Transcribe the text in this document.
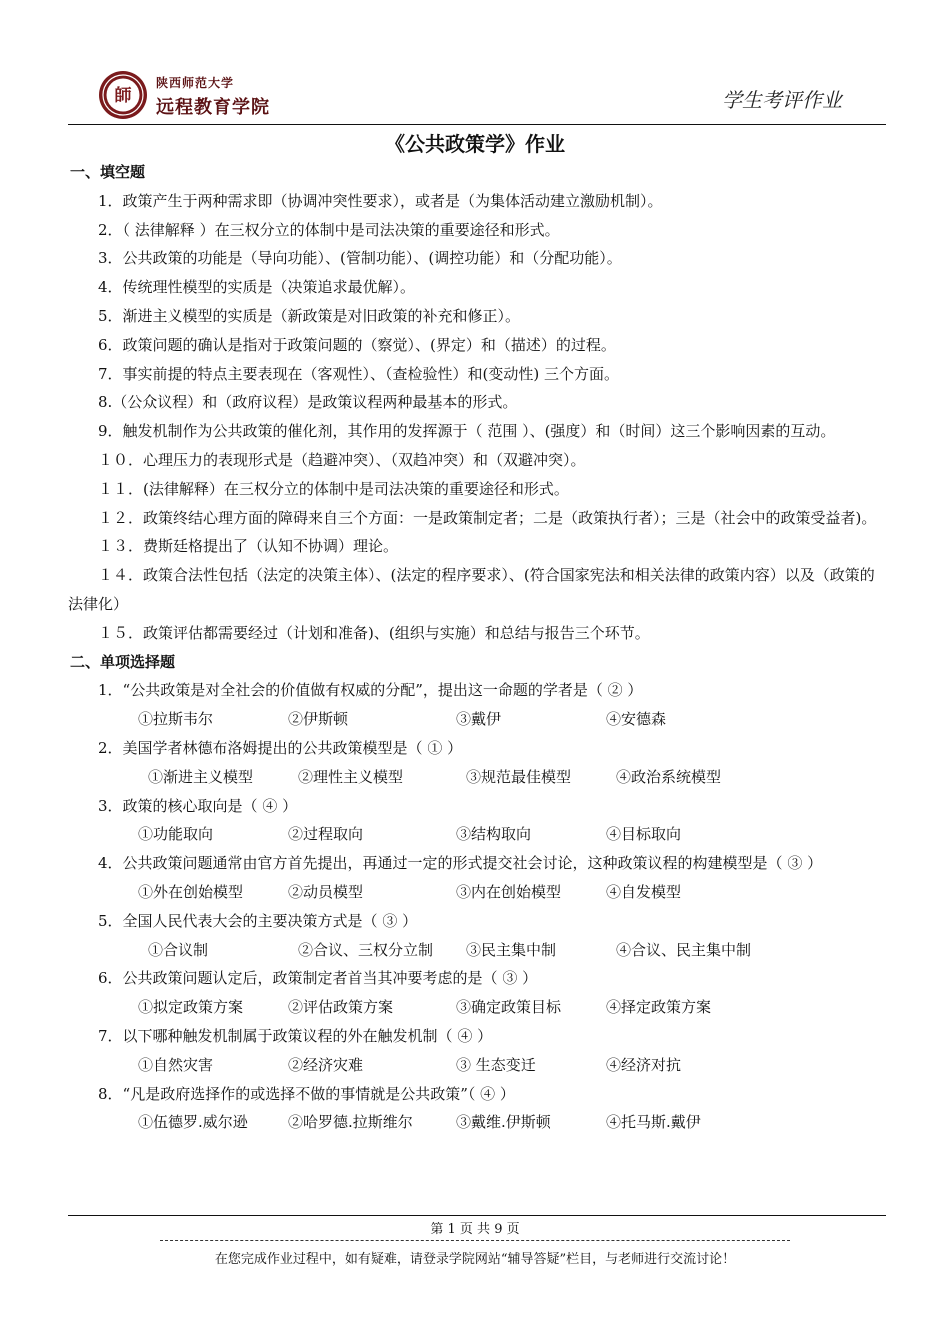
師
陕西师范大学
远程教育学院	学生考评作业
《公共政策学》作业
一、填空题
1．政策产生于两种需求即（协调冲突性要求），或者是（为集体活动建立激励机制）。
2．（ 法律解释 ）在三权分立的体制中是司法决策的重要途径和形式。
3．公共政策的功能是（导向功能）、(管制功能）、(调控功能）和（分配功能）。
4．传统理性模型的实质是（决策追求最优解）。
5．渐进主义模型的实质是（新政策是对旧政策的补充和修正）。
6．政策问题的确认是指对于政策问题的（察觉）、(界定）和（描述）的过程。
7．事实前提的特点主要表现在（客观性）、（查检验性）和(变动性) 三个方面。
8.（公众议程）和（政府议程）是政策议程两种最基本的形式。
9．触发机制作为公共政策的催化剂，其作用的发挥源于（ 范围 ）、(强度）和（时间）这三个影响因素的互动。
１０．心理压力的表现形式是（趋避冲突）、（双趋冲突）和（双避冲突）。
１１．(法律解释）在三权分立的体制中是司法决策的重要途径和形式。
１２．政策终结心理方面的障碍来自三个方面：一是政策制定者；二是（政策执行者）；三是（社会中的政策受益者)。
１３．费斯廷格提出了（认知不协调）理论。
１４．政策合法性包括（法定的决策主体）、(法定的程序要求）、(符合国家宪法和相关法律的政策内容）以及（政策的法律化）
１５．政策评估都需要经过（计划和准备)、(组织与实施）和总结与报告三个环节。
二、单项选择题
1．“公共政策是对全社会的价值做有权威的分配”，提出这一命题的学者是（ ② ）
①拉斯韦尔	②伊斯顿	③戴伊	④安德森
2．美国学者林德布洛姆提出的公共政策模型是（ ① ）
①渐进主义模型	②理性主义模型	③规范最佳模型	④政治系统模型
3．政策的核心取向是（ ④ ）
①功能取向	②过程取向	③结构取向	④目标取向
4．公共政策问题通常由官方首先提出，再通过一定的形式提交社会讨论，这种政策议程的构建模型是（ ③ ）
①外在创始模型	②动员模型	③内在创始模型	④自发模型
5．全国人民代表大会的主要决策方式是（ ③ ）
①合议制	②合议、三权分立制	③民主集中制	④合议、民主集中制
6．公共政策问题认定后，政策制定者首当其冲要考虑的是（ ③ ）
①拟定政策方案	②评估政策方案	③确定政策目标	④择定政策方案
7．以下哪种触发机制属于政策议程的外在触发机制（ ④ ）
①自然灾害	②经济灾难	③ 生态变迁	④经济对抗
8．“凡是政府选择作的或选择不做的事情就是公共政策”（ ④ ）
①伍德罗.威尔逊	②哈罗德.拉斯维尔	③戴维.伊斯顿	④托马斯.戴伊
第 1 页 共 9 页
在您完成作业过程中，如有疑难，请登录学院网站“辅导答疑”栏目，与老师进行交流讨论！
